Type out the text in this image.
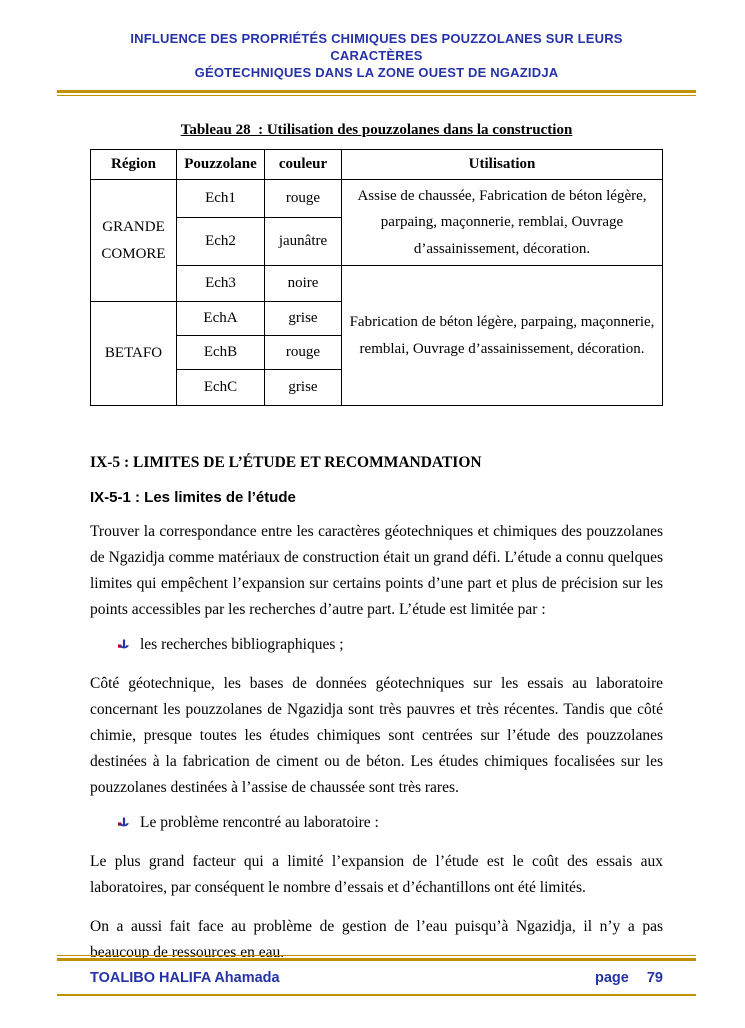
INFLUENCE DES PROPRIÉTÉS CHIMIQUES DES POUZZOLANES SUR LEURS CARACTÈRES
GÉOTECHNIQUES DANS LA ZONE OUEST DE NGAZIDJA
Tableau 28  : Utilisation des pouzzolanes dans la construction
Région	Pouzzolane	couleur	Utilisation
GRANDE COMORE	Ech1	rouge	Assise de chaussée, Fabrication de béton légère, parpaing, maçonnerie, remblai, Ouvrage d’assainissement, décoration.
	Ech2	jaunâtre	
	Ech3	noire	Fabrication de béton légère, parpaing, maçonnerie, remblai, Ouvrage d’assainissement, décoration.
BETAFO	EchA	grise	
	EchB	rouge	
	EchC	grise	
IX-5 : LIMITES DE L’ÉTUDE ET RECOMMANDATION
IX-5-1 : Les limites de l’étude

Trouver la correspondance entre les caractères géotechniques et chimiques des pouzzolanes de Ngazidja comme matériaux de construction était un grand défi. L’étude a connu quelques limites qui empêchent l’expansion sur certains points d’une part et plus de précision sur les points accessibles par les recherches d’autre part. L’étude est limitée par :

les recherches bibliographiques ;

Côté géotechnique, les bases de données géotechniques sur les essais au laboratoire concernant les pouzzolanes de Ngazidja sont très pauvres et très récentes. Tandis que côté chimie, presque toutes les études chimiques sont centrées sur l’étude des pouzzolanes destinées à la fabrication de ciment ou de béton. Les études chimiques focalisées sur les pouzzolanes destinées à l’assise de chaussée sont très rares.

Le problème rencontré au laboratoire :

Le plus grand facteur qui a limité l’expansion de l’étude est le coût des essais aux laboratoires, par conséquent le nombre d’essais et d’échantillons ont été limités.

On a aussi fait face au problème de gestion de l’eau puisqu’à Ngazidja, il n’y a pas beaucoup de ressources en eau.

TOALIBO HALIFA Ahamada	page 79
